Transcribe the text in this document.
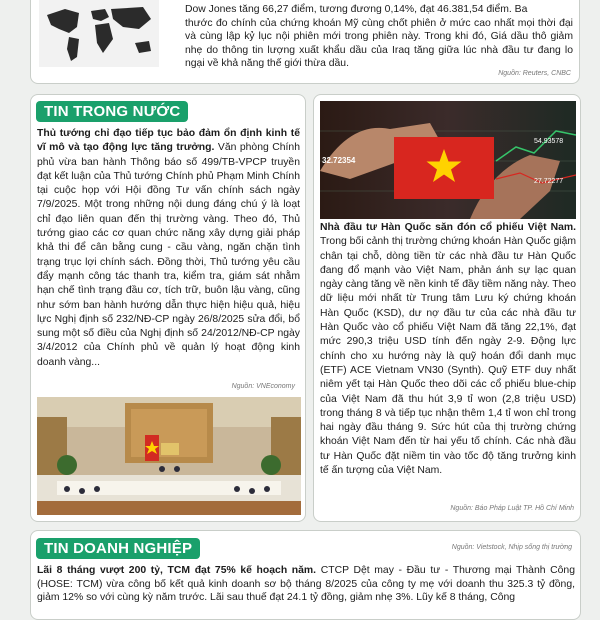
Dow Jones tăng 66,27 điểm, tương đương 0,14%, đạt 46.381,54 điểm. Ba

thước đo chính của chứng khoán Mỹ cùng chốt phiên ở mức cao nhất mọi thời đại và cùng lập kỷ lục nội phiên mới trong phiên này. Trong khi đó, Giá dầu thô giảm nhẹ do thông tin lượng xuất khẩu dầu của Iraq tăng giữa lúc nhà đầu tư đang lo ngại về khả năng thế giới thừa dầu.

Nguồn: Reuters, CNBC
TIN TRONG NƯỚC
Thủ tướng chỉ đạo tiếp tục bảo đảm ổn định kinh tế vĩ mô và tạo động lực tăng trưởng. Văn phòng Chính phủ vừa ban hành Thông báo số 499/TB-VPCP truyền đạt kết luận của Thủ tướng Chính phủ Phạm Minh Chính tại cuộc họp với Hội đồng Tư vấn chính sách ngày 7/9/2025. Một trong những nội dung đáng chú ý là loạt chỉ đạo liên quan đến thị trường vàng. Theo đó, Thủ tướng giao các cơ quan chức năng xây dựng giải pháp khả thi để cân bằng cung - cầu vàng, ngăn chặn tình trạng trục lợi chính sách. Đồng thời, Thủ tướng yêu cầu đẩy mạnh công tác thanh tra, kiểm tra, giám sát nhằm hạn chế tình trạng đầu cơ, tích trữ, buôn lậu vàng, cũng như sớm ban hành hướng dẫn thực hiện hiệu quả, hiệu lực Nghị định số 232/NĐ-CP ngày 26/8/2025 sửa đổi, bổ sung một số điều của Nghị định số 24/2012/NĐ-CP ngày 3/4/2012 của Chính phủ về quản lý hoạt động kinh doanh vàng...
Nguồn: VNEconomy
32.72354
54.93578
27.72277
Nhà đầu tư Hàn Quốc săn đón cổ phiếu Việt Nam. Trong bối cảnh thị trường chứng khoán Hàn Quốc giậm chân tại chỗ, dòng tiền từ các nhà đầu tư Hàn Quốc đang đổ mạnh vào Việt Nam, phản ánh sự lạc quan ngày càng tăng về nền kinh tế đầy tiềm năng này. Theo dữ liệu mới nhất từ Trung tâm Lưu ký chứng khoán Hàn Quốc (KSD), dư nợ đầu tư của các nhà đầu tư Hàn Quốc vào cổ phiếu Việt Nam đã tăng 22,1%, đạt mức 290,3 triệu USD tính đến ngày 2-9. Động lực chính cho xu hướng này là quỹ hoán đổi danh mục (ETF) ACE Vietnam VN30 (Synth). Quỹ ETF duy nhất niêm yết tại Hàn Quốc theo dõi các cổ phiếu blue-chip của Việt Nam đã thu hút 3,9 tỉ won (2,8 triệu USD) trong tháng 8 và tiếp tục nhận thêm 1,4 tỉ won chỉ trong hai ngày đầu tháng 9. Sức hút của thị trường chứng khoán Việt Nam đến từ hai yếu tố chính. Các nhà đầu tư Hàn Quốc đặt niềm tin vào tốc độ tăng trưởng kinh tế ấn tượng của Việt Nam.
Nguồn: Báo Pháp Luật TP. Hồ Chí Minh
TIN DOANH NGHIỆP	Nguồn: Vietstock, Nhịp sống thị trường
Lãi 8 tháng vượt 200 tỷ, TCM đạt 75% kế hoạch năm. CTCP Dệt may - Đầu tư - Thương mại Thành Công (HOSE: TCM) vừa công bố kết quả kinh doanh sơ bộ tháng 8/2025 của công ty mẹ với doanh thu 325.3 tỷ đồng, giảm 12% so với cùng kỳ năm trước. Lãi sau thuế đạt 24.1 tỷ đồng, giảm nhẹ 3%. Lũy kế 8 tháng, Công
